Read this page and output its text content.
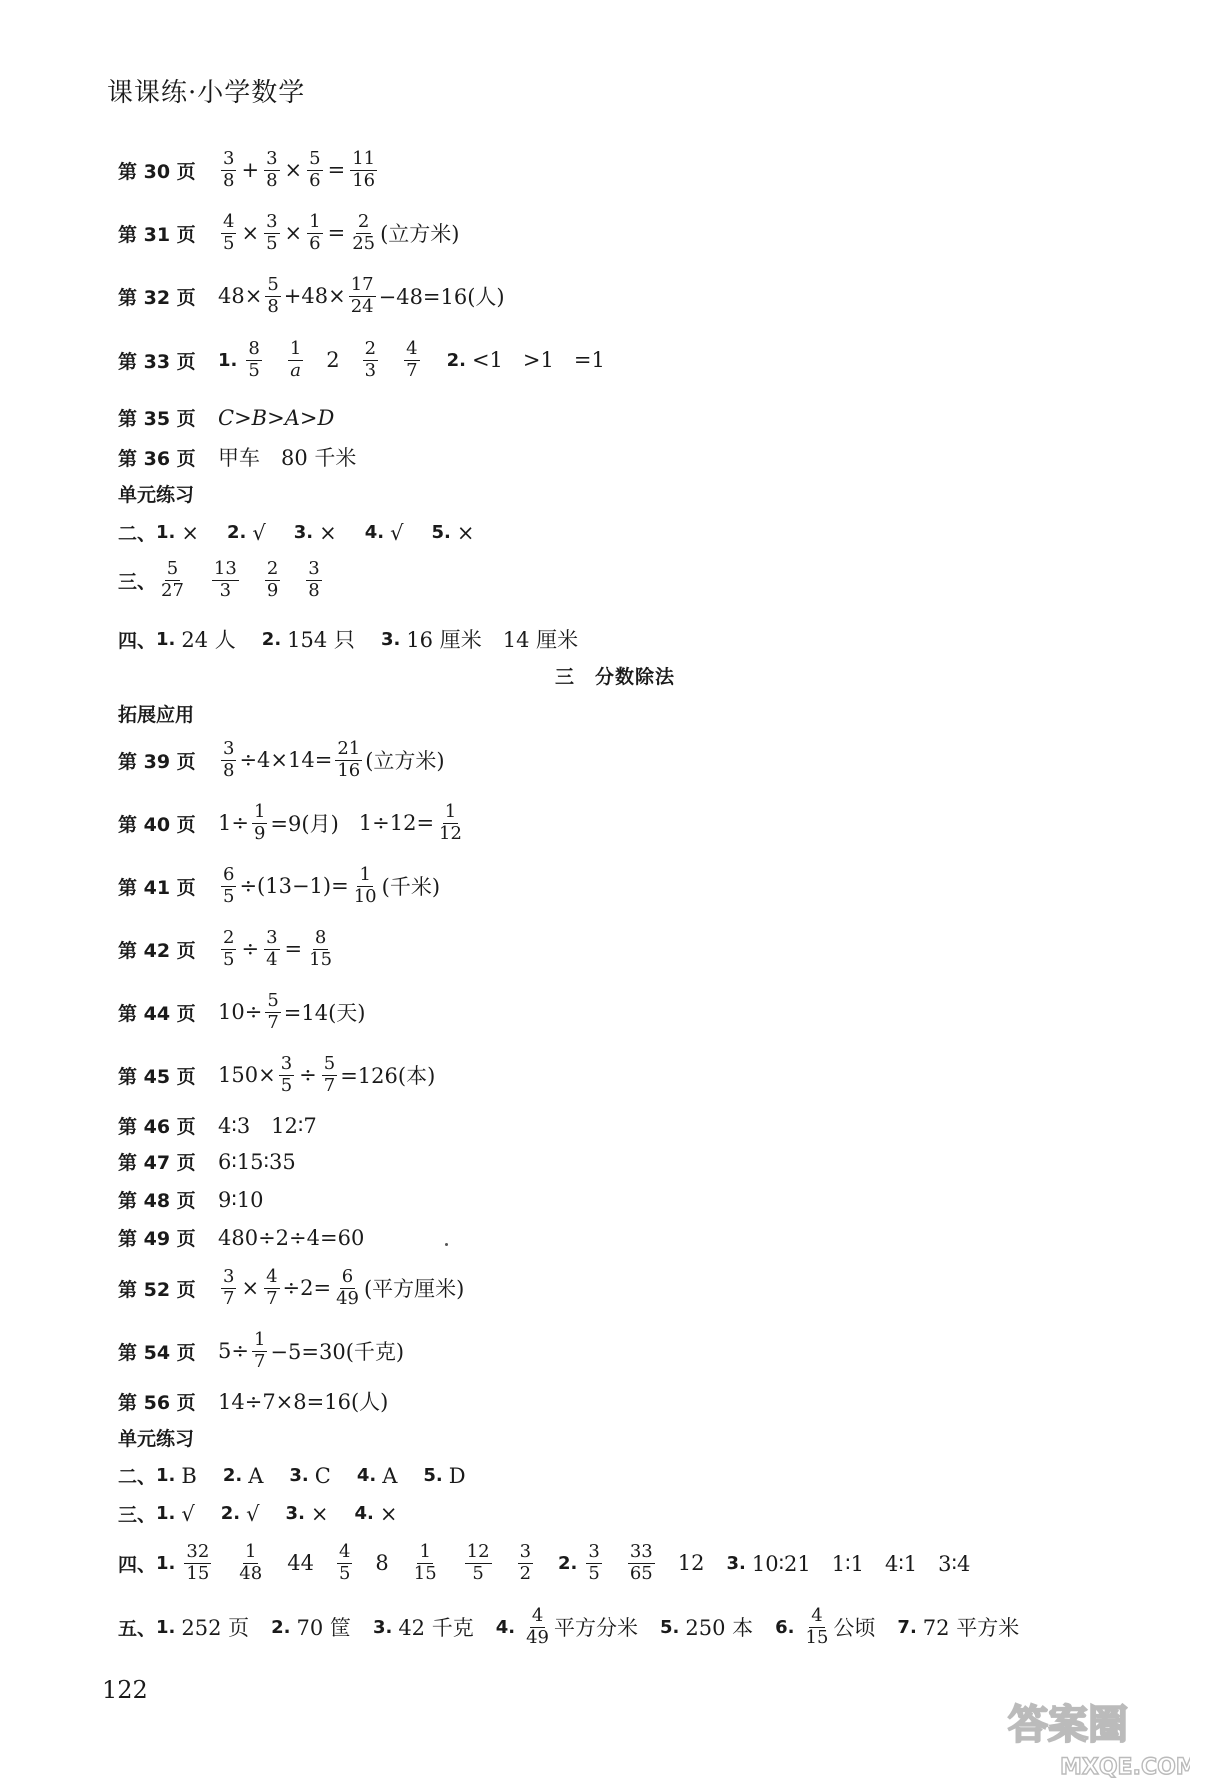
课课练·小学数学
第 30 页	$\frac{3}{8} + \frac{3}{8} \times \frac{5}{6} = \frac{11}{16}$
第 31 页	$\frac{4}{5} \times \frac{3}{5} \times \frac{1}{6} = \frac{2}{25}$ (立方米)
第 32 页	$48\times \frac{5}{8} +48\times \frac{17}{24} -48=16$(人)
第 33 页	1. $\frac{8}{5} \frac{1}{a} 2 \frac{2}{3} \frac{4}{7} 2$. <1 >1 =1
第 35 页	C>B>A>D
第 36 页	甲车　80 千米
单元练习
二、 1. × 2. √ 3. × 4. √ 5. ×
三、 $\frac{5}{27} \frac{13}{3} \frac{2}{9} \frac{3}{8}$
四、 1. 24 人 2. 154 只 3. 16 厘米　14 厘米
三　分数除法
拓展应用
第 39 页	$\frac{3}{8} \div 4\times 14= \frac{21}{16}$ (立方米)
第 40 页	$1\div \frac{1}{9} =9$(月) $1\div 12= \frac{1}{12}$
第 41 页	$\frac{6}{5} \div(13-1)= \frac{1}{10}$ (千米)
第 42 页	$\frac{2}{5} \div \frac{3}{4} = \frac{8}{15}$
第 44 页	$10\div \frac{5}{7} =14$(天)
第 45 页	$150\times \frac{3}{5} \div \frac{5}{7} =126$(本)
第 46 页	4∶3　12∶7
第 47 页	6∶15∶35
第 48 页	9∶10
第 49 页	480÷2÷4=60
第 52 页	$\frac{3}{7} \times \frac{4}{7} \div 2= \frac{6}{49}$ (平方厘米)
第 54 页	$5\div \frac{1}{7} -5=30$(千克)
第 56 页	14÷7×8=16(人)
单元练习
二、 1. B 2. A 3. C 4. A 5. D
三、 1. √ 2. √ 3. × 4. ×
四、 1. $\frac{32}{15} \frac{1}{48} 44 \frac{4}{5} 8 \frac{1}{15} \frac{12}{5} \frac{3}{2} 2$. $\frac{3}{5} \frac{33}{65} 12$ 3. 10∶21　1∶1　4∶1　3∶4
五、 1. 252 页 2. 70 筐 3. 42 千克 4. $\frac{4}{49}$ 平方分米 5. 250 本 6. $\frac{4}{15}$ 公顷 7. 72 平方米
122
答案圈
MXQE.COM
